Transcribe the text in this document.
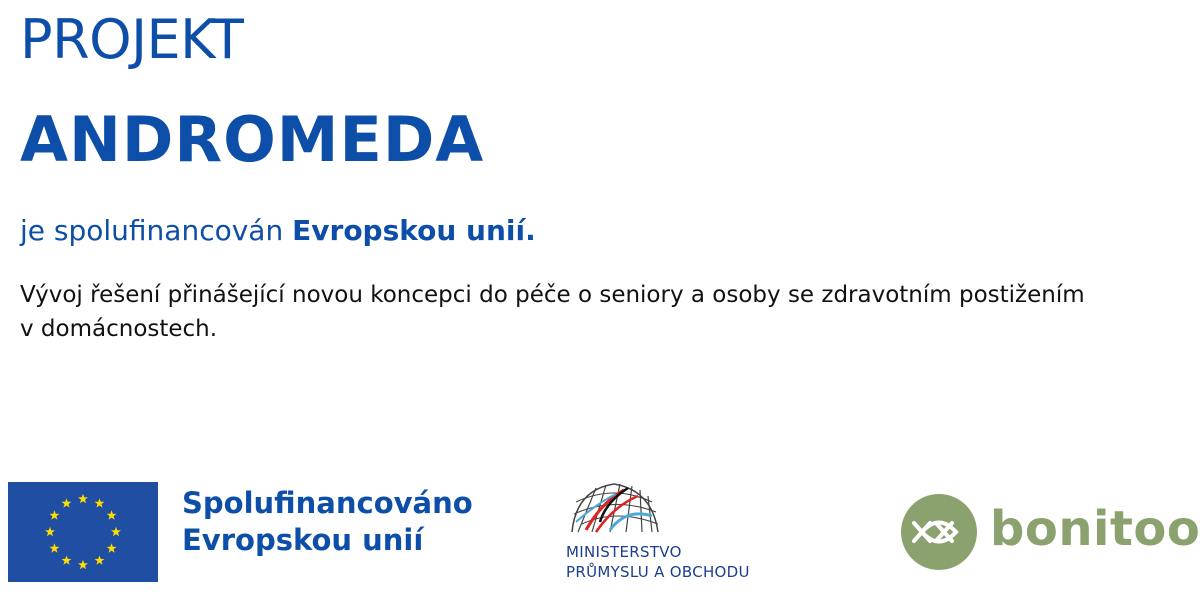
PROJEKT
ANDROMEDA

je spolufinancován Evropskou unií.

Vývoj řešení přinášející novou koncepci do péče o seniory a osoby se zdravotním postižením
v domácnostech.

Spolufinancováno
Evropskou unií	MINISTERSTVO
PRŮMYSLU A OBCHODU
bonitoo
